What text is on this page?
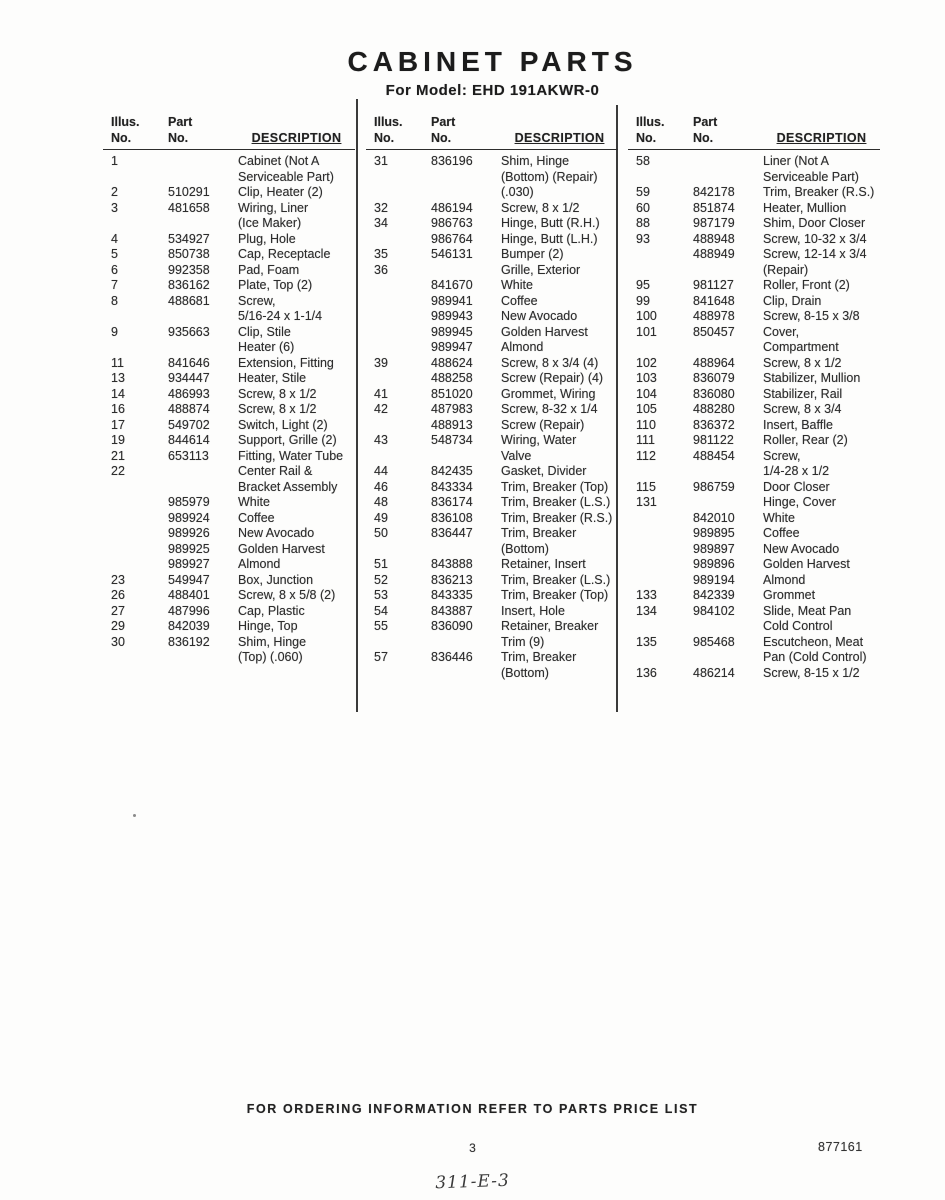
CABINET PARTS
For Model: EHD 191AKWR-0
Illus.
No.
Part
No.	DESCRIPTION
1	Cabinet (Not A
Serviceable Part)
2	510291	Clip, Heater (2)
3	481658	Wiring, Liner
(Ice Maker)
4	534927	Plug, Hole
5	850738	Cap, Receptacle
6	992358	Pad, Foam
7	836162	Plate, Top (2)
8	488681	Screw,
5/16-24 x 1-1/4
9	935663	Clip, Stile
Heater (6)
11	841646	Extension, Fitting
13	934447	Heater, Stile
14	486993	Screw, 8 x 1/2
16	488874	Screw, 8 x 1/2
17	549702	Switch, Light (2)
19	844614	Support, Grille (2)
21	653113	Fitting, Water Tube
22	Center Rail &
Bracket Assembly
985979	White
989924	Coffee
989926	New Avocado
989925	Golden Harvest
989927	Almond
23	549947	Box, Junction
26	488401	Screw, 8 x 5/8 (2)
27	487996	Cap, Plastic
29	842039	Hinge, Top
30	836192	Shim, Hinge
(Top) (.060)
Illus.
No.
Part
No.	DESCRIPTION
31	836196	Shim, Hinge
(Bottom) (Repair)
(.030)
32	486194	Screw, 8 x 1/2
34	986763	Hinge, Butt (R.H.)
986764	Hinge, Butt (L.H.)
35	546131	Bumper (2)
36	Grille, Exterior
841670	White
989941	Coffee
989943	New Avocado
989945	Golden Harvest
989947	Almond
39	488624	Screw, 8 x 3/4 (4)
488258	Screw (Repair) (4)
41	851020	Grommet, Wiring
42	487983	Screw, 8-32 x 1/4
488913	Screw (Repair)
43	548734	Wiring, Water
Valve
44	842435	Gasket, Divider
46	843334	Trim, Breaker (Top)
48	836174	Trim, Breaker (L.S.)
49	836108	Trim, Breaker (R.S.)
50	836447	Trim, Breaker
(Bottom)
51	843888	Retainer, Insert
52	836213	Trim, Breaker (L.S.)
53	843335	Trim, Breaker (Top)
54	843887	Insert, Hole
55	836090	Retainer, Breaker
Trim (9)
57	836446	Trim, Breaker
(Bottom)
Illus.
No.
Part
No.	DESCRIPTION
58	Liner (Not A
Serviceable Part)
59	842178	Trim, Breaker (R.S.)
60	851874	Heater, Mullion
88	987179	Shim, Door Closer
93	488948	Screw, 10-32 x 3/4
488949	Screw, 12-14 x 3/4
(Repair)
95	981127	Roller, Front (2)
99	841648	Clip, Drain
100	488978	Screw, 8-15 x 3/8
101	850457	Cover,
Compartment
102	488964	Screw, 8 x 1/2
103	836079	Stabilizer, Mullion
104	836080	Stabilizer, Rail
105	488280	Screw, 8 x 3/4
110	836372	Insert, Baffle
111	981122	Roller, Rear (2)
112	488454	Screw,
1/4-28 x 1/2
115	986759	Door Closer
131	Hinge, Cover
842010	White
989895	Coffee
989897	New Avocado
989896	Golden Harvest
989194	Almond
133	842339	Grommet
134	984102	Slide, Meat Pan
Cold Control
135	985468	Escutcheon, Meat
Pan (Cold Control)
136	486214	Screw, 8-15 x 1/2
FOR ORDERING INFORMATION REFER TO PARTS PRICE LIST
3	877161
311-E-3
